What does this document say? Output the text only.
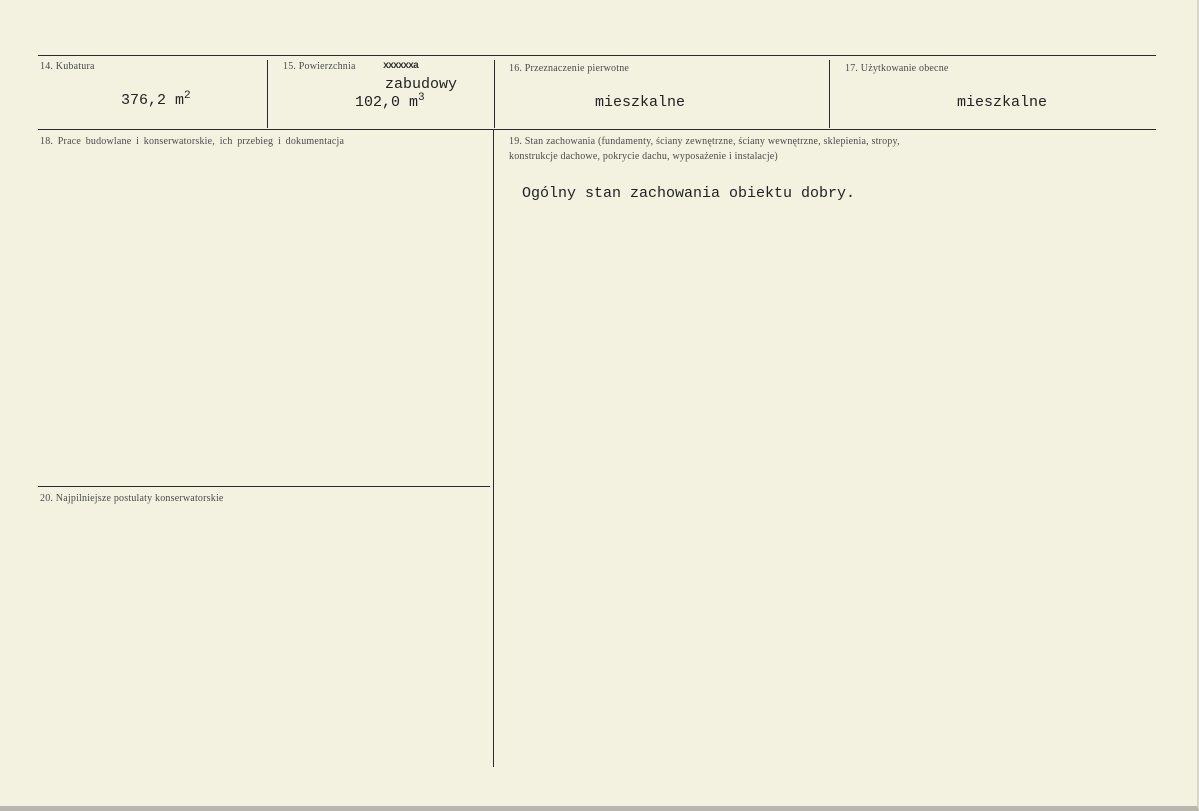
14. Kubatura
376,2 $m^2$
15. Powierzchnia	xxxxxxa
zabudowy
102,0 $m^3$
16. Przeznaczenie pierwotne
mieszkalne
17. Użytkowanie obecne
mieszkalne
18. Prace budowlane i konserwatorskie, ich przebieg i dokumentacja	19. Stan zachowania (fundamenty, ściany zewnętrzne, ściany wewnętrzne, sklepienia, stropy,
konstrukcje dachowe, pokrycie dachu, wyposażenie i instalacje)
Ogólny stan zachowania obiektu dobry.
20. Najpilniejsze postulaty konserwatorskie
